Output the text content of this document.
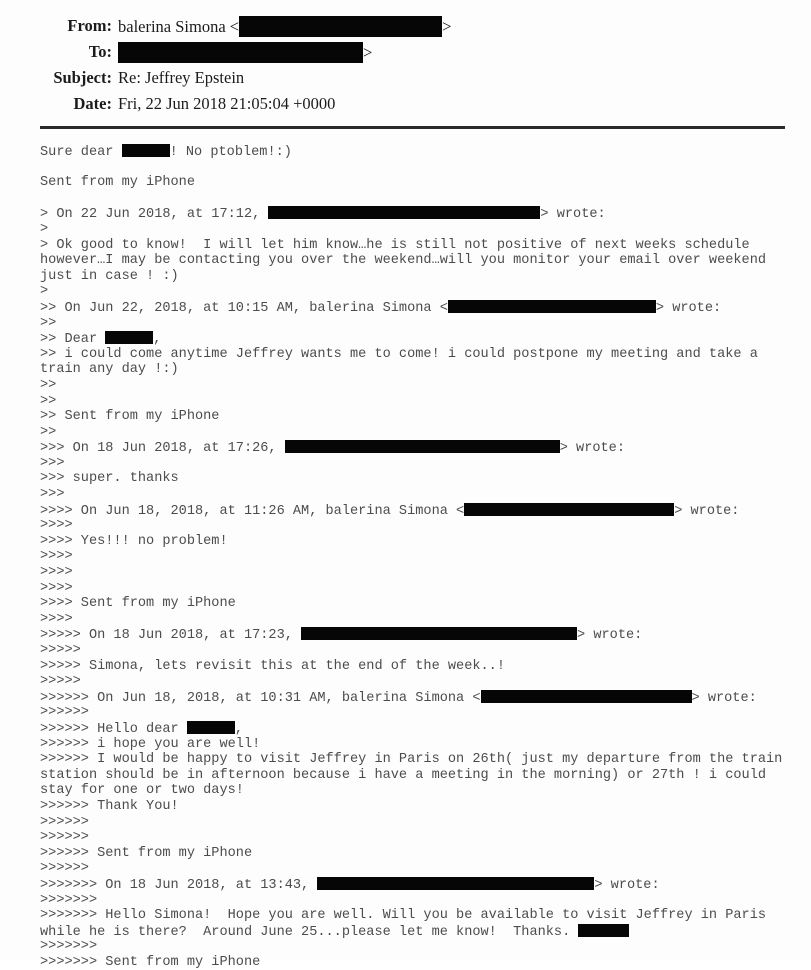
From: balerina Simona <	>
To:	>
Subject: Re: Jeffrey Epstein
Date: Fri, 22 Jun 2018 21:05:04 +0000
Sure dear	! No ptoblem!:)
Sent from my iPhone
> On 22 Jun 2018, at 17:12,	> wrote:
>
> Ok good to know!  I will let him know…he is still not positive of next weeks schedule
however…I may be contacting you over the weekend…will you monitor your email over weekend
just in case ! :)
>
>> On Jun 22, 2018, at 10:15 AM, balerina Simona <	> wrote:
>>
>> Dear	,
>> i could come anytime Jeffrey wants me to come! i could postpone my meeting and take a
train any day !:)
>>
>>
>> Sent from my iPhone
>>
>>> On 18 Jun 2018, at 17:26,	> wrote:
>>>
>>> super. thanks
>>>
>>>> On Jun 18, 2018, at 11:26 AM, balerina Simona <	> wrote:
>>>>
>>>> Yes!!! no problem!
>>>>
>>>>
>>>>
>>>> Sent from my iPhone
>>>>
>>>>> On 18 Jun 2018, at 17:23,	> wrote:
>>>>>
>>>>> Simona, lets revisit this at the end of the week..!
>>>>>
>>>>>> On Jun 18, 2018, at 10:31 AM, balerina Simona <	> wrote:
>>>>>>
>>>>>> Hello dear	,
>>>>>> i hope you are well!
>>>>>> I would be happy to visit Jeffrey in Paris on 26th( just my departure from the train
station should be in afternoon because i have a meeting in the morning) or 27th ! i could
stay for one or two days!
>>>>>> Thank You!
>>>>>>
>>>>>>
>>>>>> Sent from my iPhone
>>>>>>
>>>>>>> On 18 Jun 2018, at 13:43,	> wrote:
>>>>>>>
>>>>>>> Hello Simona!  Hope you are well. Will you be available to visit Jeffrey in Paris
while he is there?  Around June 25...please let me know!  Thanks.
>>>>>>>
>>>>>>> Sent from my iPhone
